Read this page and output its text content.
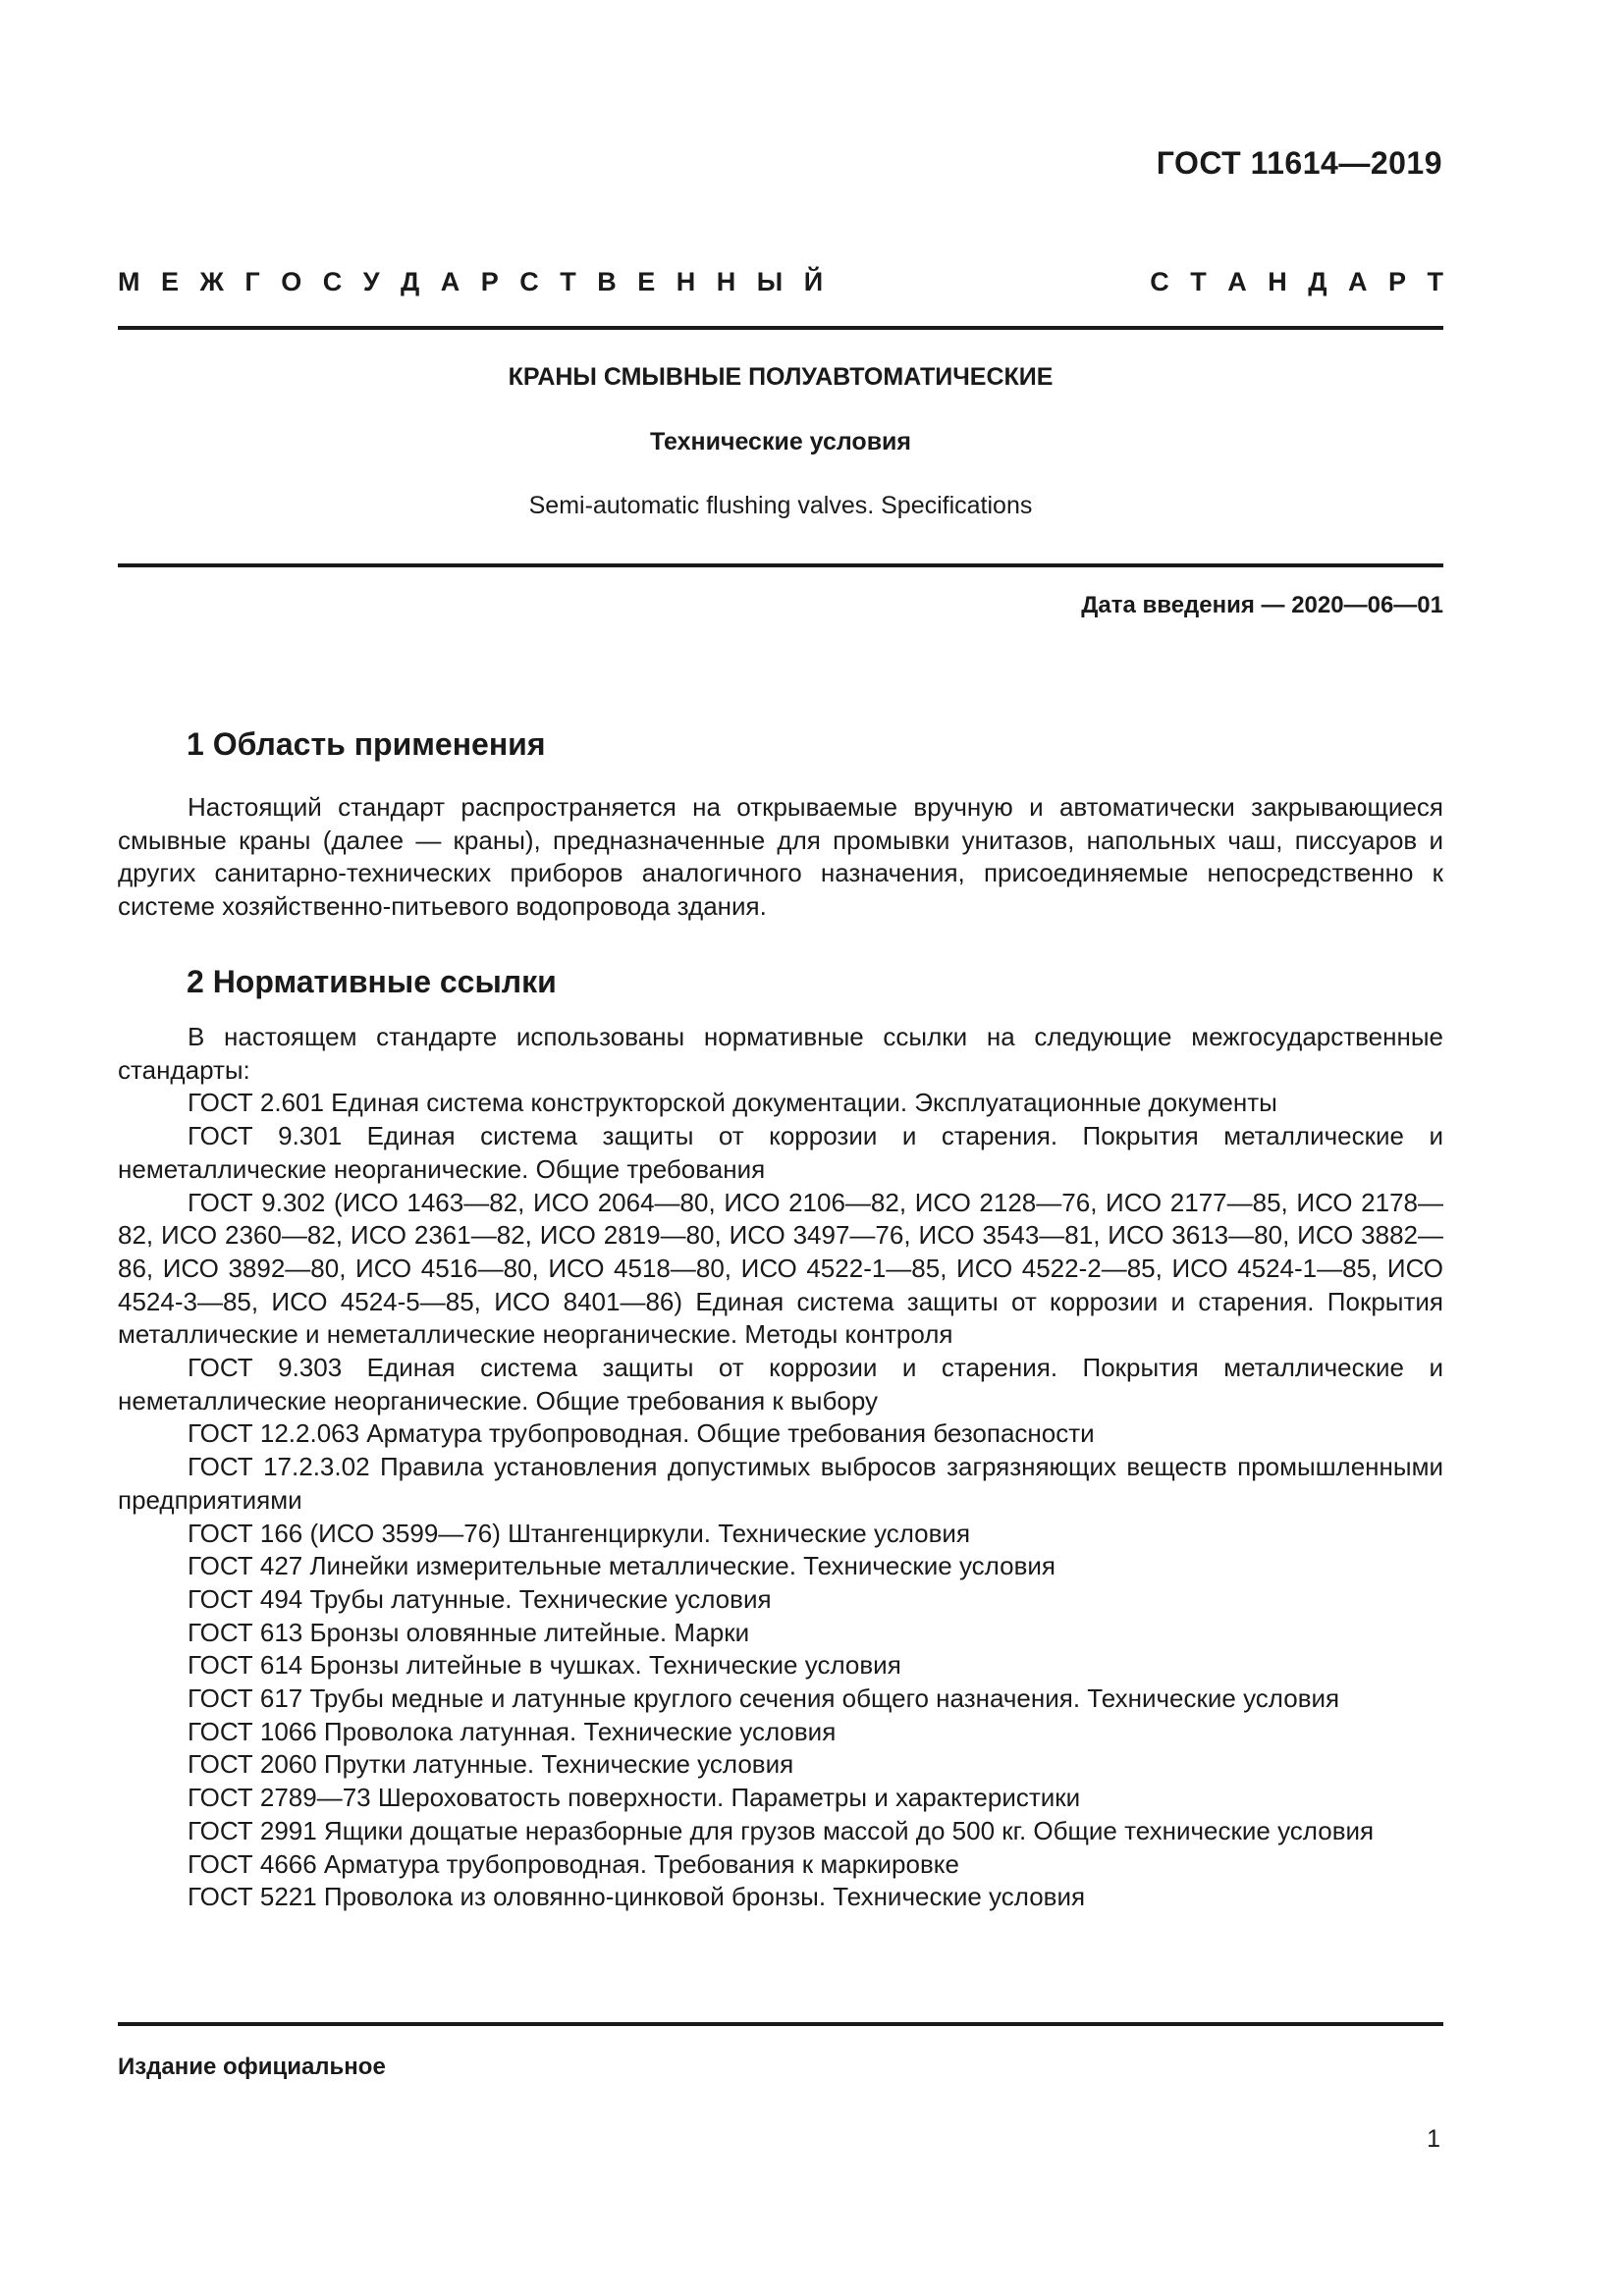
ГОСТ 11614—2019
М Е Ж Г О С У Д А Р С Т В Е Н Н Ы Й	С Т А Н Д А Р Т
КРАНЫ СМЫВНЫЕ ПОЛУАВТОМАТИЧЕСКИЕ
Технические условия
Semi-automatic flushing valves. Specifications
Дата введения — 2020—06—01
1 Область применения

Настоящий стандарт распространяется на открываемые вручную и автоматически закрывающиеся смывные краны (далее — краны), предназначенные для промывки унитазов, напольных чаш, писсуаров и других санитарно-технических приборов аналогичного назначения, присоединяемые непосредственно к системе хозяйственно-питьевого водопровода здания.

2 Нормативные ссылки

В настоящем стандарте использованы нормативные ссылки на следующие межгосударственные стандарты:

ГОСТ 2.601 Единая система конструкторской документации. Эксплуатационные документы

ГОСТ 9.301 Единая система защиты от коррозии и старения. Покрытия металлические и неметаллические неорганические. Общие требования

ГОСТ 9.302 (ИСО 1463—82, ИСО 2064—80, ИСО 2106—82, ИСО 2128—76, ИСО 2177—85, ИСО 2178—82, ИСО 2360—82, ИСО 2361—82, ИСО 2819—80, ИСО 3497—76, ИСО 3543—81, ИСО 3613—80, ИСО 3882—86, ИСО 3892—80, ИСО 4516—80, ИСО 4518—80, ИСО 4522-1—85, ИСО 4522-2—85, ИСО 4524-1—85, ИСО 4524-3—85, ИСО 4524-5—85, ИСО 8401—86) Единая система защиты от коррозии и старения. Покрытия металлические и неметаллические неорганические. Методы контроля

ГОСТ 9.303 Единая система защиты от коррозии и старения. Покрытия металлические и неметаллические неорганические. Общие требования к выбору

ГОСТ 12.2.063 Арматура трубопроводная. Общие требования безопасности

ГОСТ 17.2.3.02 Правила установления допустимых выбросов загрязняющих веществ промышленными предприятиями

ГОСТ 166 (ИСО 3599—76) Штангенциркули. Технические условия

ГОСТ 427 Линейки измерительные металлические. Технические условия

ГОСТ 494 Трубы латунные. Технические условия

ГОСТ 613 Бронзы оловянные литейные. Марки

ГОСТ 614 Бронзы литейные в чушках. Технические условия

ГОСТ 617 Трубы медные и латунные круглого сечения общего назначения. Технические условия

ГОСТ 1066 Проволока латунная. Технические условия

ГОСТ 2060 Прутки латунные. Технические условия

ГОСТ 2789—73 Шероховатость поверхности. Параметры и характеристики

ГОСТ 2991 Ящики дощатые неразборные для грузов массой до 500 кг. Общие технические условия

ГОСТ 4666 Арматура трубопроводная. Требования к маркировке

ГОСТ 5221 Проволока из оловянно-цинковой бронзы. Технические условия

Издание официальное
1
